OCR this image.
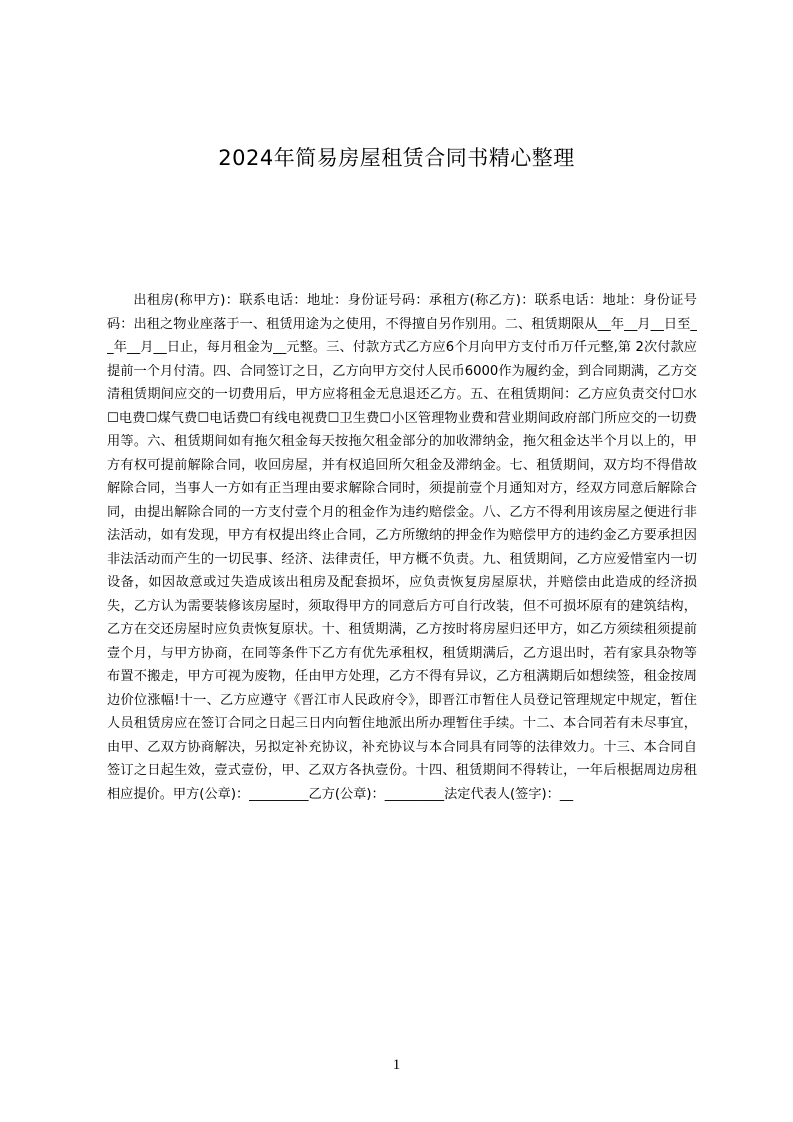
2024年简易房屋租赁合同书精心整理

出租房(称甲方)：联系电话：地址：身份证号码：承租方(称乙方)：联系电话：地址：身份证号码：出租之物业座落于一、租赁用途为之使用，不得擅自另作别用。二、租赁期限从__年__月__日至__年__月__日止，每月租金为__元整。三、付款方式乙方应6个月向甲方支付币万仟元整,第 2次付款应提前一个月付清。四、合同签订之日，乙方向甲方交付人民币6000作为履约金，到合同期满，乙方交清租赁期间应交的一切费用后，甲方应将租金无息退还乙方。五、在租赁期间：乙方应负责交付☐水☐电费☐煤气费☐电话费☐有线电视费☐卫生费☐小区管理物业费和营业期间政府部门所应交的一切费用等。六、租赁期间如有拖欠租金每天按拖欠租金部分的加收滞纳金，拖欠租金达半个月以上的，甲方有权可提前解除合同，收回房屋，并有权追回所欠租金及滞纳金。七、租赁期间，双方均不得借故解除合同，当事人一方如有正当理由要求解除合同时，须提前壹个月通知对方，经双方同意后解除合同，由提出解除合同的一方支付壹个月的租金作为违约赔偿金。八、乙方不得利用该房屋之便进行非法活动，如有发现，甲方有权提出终止合同，乙方所缴纳的押金作为赔偿甲方的违约金乙方要承担因非法活动而产生的一切民事、经济、法律责任，甲方概不负责。九、租赁期间，乙方应爱惜室内一切设备，如因故意或过失造成该出租房及配套损坏，应负责恢复房屋原状，并赔偿由此造成的经济损失，乙方认为需要装修该房屋时，须取得甲方的同意后方可自行改装，但不可损坏原有的建筑结构，乙方在交还房屋时应负责恢复原状。十、租赁期满，乙方按时将房屋归还甲方，如乙方须续租须提前壹个月，与甲方协商，在同等条件下乙方有优先承租权，租赁期满后，乙方退出时，若有家具杂物等布置不搬走，甲方可视为废物，任由甲方处理，乙方不得有异议，乙方租满期后如想续签，租金按周边价位涨幅!十一、乙方应遵守《晋江市人民政府令》，即晋江市暂住人员登记管理规定中规定，暂住人员租赁房应在签订合同之日起三日内向暂住地派出所办理暂住手续。十二、本合同若有未尽事宜，由甲、乙双方协商解决，另拟定补充协议，补充协议与本合同具有同等的法律效力。十三、本合同自签订之日起生效，壹式壹份，甲、乙双方各执壹份。十四、租赁期间不得转让，一年后根据周边房租相应提价。甲方(公章)：_________乙方(公章)：_________法定代表人(签字)：__

1
